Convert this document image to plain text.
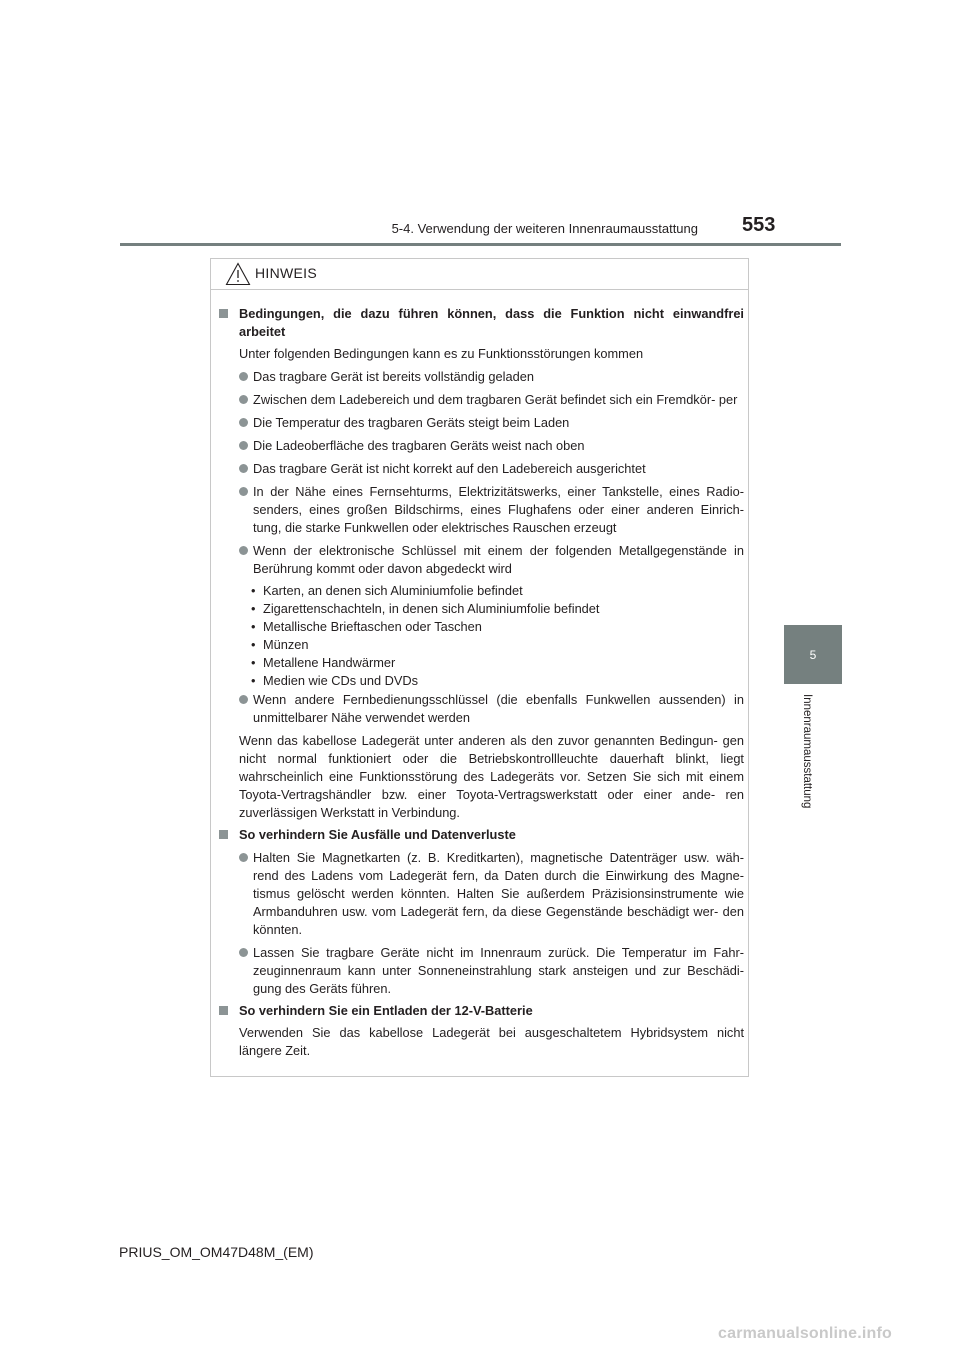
5-4. Verwendung der weiteren Innenraumausstattung 553
5
Innenraumausstattung
HINWEIS
Bedingungen, die dazu führen können, dass die Funktion nicht einwandfrei arbeitet
Unter folgenden Bedingungen kann es zu Funktionsstörungen kommen
Das tragbare Gerät ist bereits vollständig geladen
Zwischen dem Ladebereich und dem tragbaren Gerät befindet sich ein Fremdkör- per
Die Temperatur des tragbaren Geräts steigt beim Laden
Die Ladeoberfläche des tragbaren Geräts weist nach oben
Das tragbare Gerät ist nicht korrekt auf den Ladebereich ausgerichtet
In der Nähe eines Fernsehturms, Elektrizitätswerks, einer Tankstelle, eines Radio- senders, eines großen Bildschirms, eines Flughafens oder einer anderen Einrich- tung, die starke Funkwellen oder elektrisches Rauschen erzeugt
Wenn der elektronische Schlüssel mit einem der folgenden Metallgegenstände in Berührung kommt oder davon abgedeckt wird
• Karten, an denen sich Aluminiumfolie befindet
• Zigarettenschachteln, in denen sich Aluminiumfolie befindet
• Metallische Brieftaschen oder Taschen
• Münzen
• Metallene Handwärmer
• Medien wie CDs und DVDs
Wenn andere Fernbedienungsschlüssel (die ebenfalls Funkwellen aussenden) in unmittelbarer Nähe verwendet werden
Wenn das kabellose Ladegerät unter anderen als den zuvor genannten Bedingun- gen nicht normal funktioniert oder die Betriebskontrollleuchte dauerhaft blinkt, liegt wahrscheinlich eine Funktionsstörung des Ladegeräts vor. Setzen Sie sich mit einem Toyota-Vertragshändler bzw. einer Toyota-Vertragswerkstatt oder einer ande- ren zuverlässigen Werkstatt in Verbindung.
So verhindern Sie Ausfälle und Datenverluste
Halten Sie Magnetkarten (z. B. Kreditkarten), magnetische Datenträger usw. wäh- rend des Ladens vom Ladegerät fern, da Daten durch die Einwirkung des Magne- tismus gelöscht werden könnten. Halten Sie außerdem Präzisionsinstrumente wie Armbanduhren usw. vom Ladegerät fern, da diese Gegenstände beschädigt wer- den könnten.
Lassen Sie tragbare Geräte nicht im Innenraum zurück. Die Temperatur im Fahr- zeuginnenraum kann unter Sonneneinstrahlung stark ansteigen und zur Beschädi- gung des Geräts führen.
So verhindern Sie ein Entladen der 12-V-Batterie
Verwenden Sie das kabellose Ladegerät bei ausgeschaltetem Hybridsystem nicht längere Zeit.
PRIUS_OM_OM47D48M_(EM)
carmanualsonline.info
